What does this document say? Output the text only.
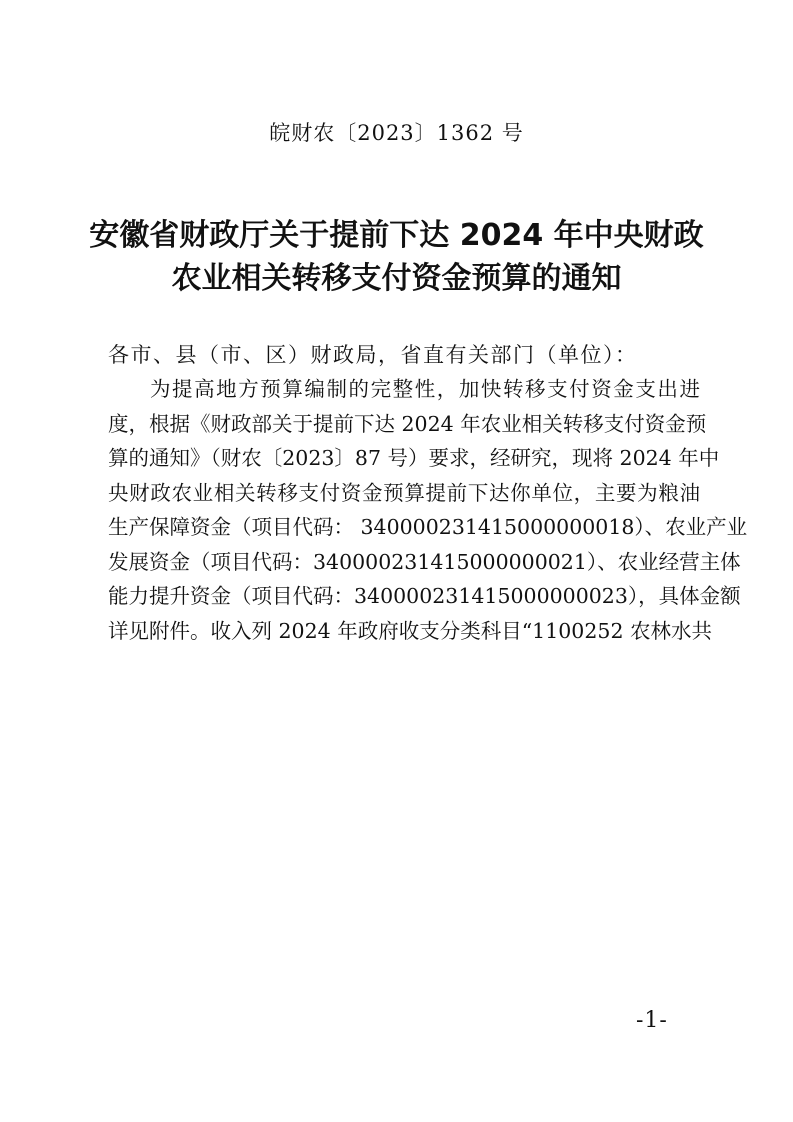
皖财农〔2023〕1362 号
安徽省财政厅关于提前下达 2024 年中央财政
农业相关转移支付资金预算的通知
各市、县（市、区）财政局，省直有关部门（单位）：
为提高地方预算编制的完整性，加快转移支付资金支出进
度，根据《财政部关于提前下达 2024 年农业相关转移支付资金预
算的通知》（财农〔2023〕87 号）要求，经研究，现将 2024 年中
央财政农业相关转移支付资金预算提前下达你单位，主要为粮油
生产保障资金（项目代码： 340000231415000000018）、农业产业
发展资金（项目代码：340000231415000000021）、农业经营主体
能力提升资金（项目代码：340000231415000000023），具体金额
详见附件。收入列 2024 年政府收支分类科目“1100252 农林水共
-1-
